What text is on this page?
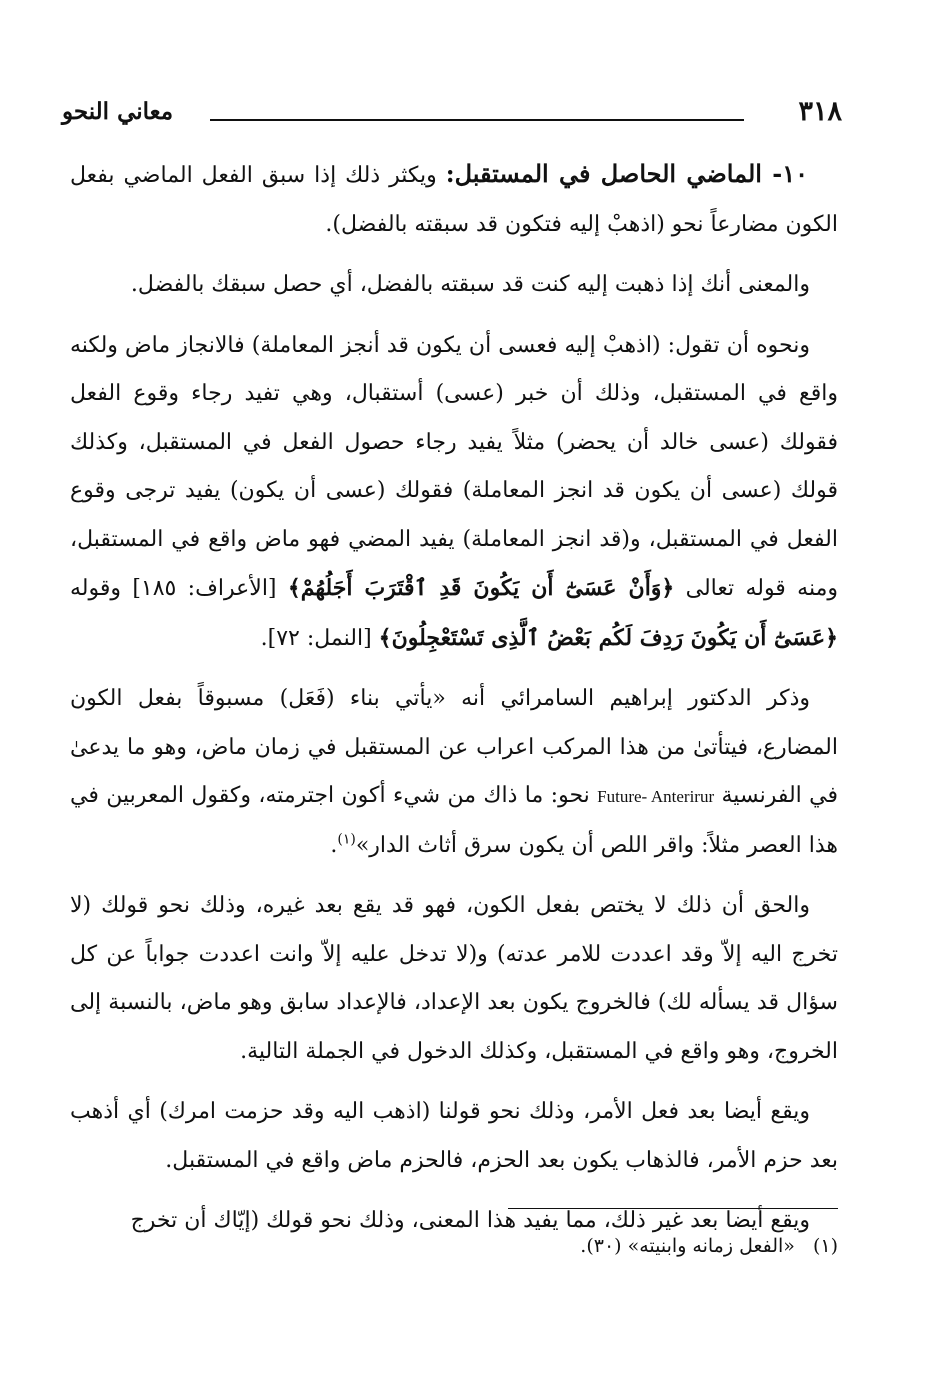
٣١٨
معاني النحو

١٠- الماضي الحاصل في المستقبل: ويكثر ذلك إذا سبق الفعل الماضي بفعل الكون مضارعاً نحو (اذهبْ إليه فتكون قد سبقته بالفضل).

والمعنى أنك إذا ذهبت إليه كنت قد سبقته بالفضل، أي حصل سبقك بالفضل.

ونحوه أن تقول: (اذهبْ إليه فعسى أن يكون قد أنجز المعاملة) فالانجاز ماض ولكنه واقع في المستقبل، وذلك أن خبر (عسى) أستقبال، وهي تفيد رجاء وقوع الفعل فقولك (عسى خالد أن يحضر) مثلاً يفيد رجاء حصول الفعل في المستقبل، وكذلك قولك (عسى أن يكون قد انجز المعاملة) فقولك (عسى أن يكون) يفيد ترجى وقوع الفعل في المستقبل، و(قد انجز المعاملة) يفيد المضي فهو ماض واقع في المستقبل، ومنه قوله تعالى ﴿وَأَنْ عَسَىٰٓ أَن يَكُونَ قَدِ ٱقْتَرَبَ أَجَلُهُمْ﴾ [الأعراف: ١٨٥] وقوله ﴿عَسَىٰٓ أَن يَكُونَ رَدِفَ لَكُم بَعْضُ ٱلَّذِى تَسْتَعْجِلُونَ﴾ [النمل: ٧٢].

وذكر الدكتور إبراهيم السامرائي أنه «يأتي بناء (فَعَل) مسبوقاً بفعل الكون المضارع، فيتأتىٰ من هذا المركب اعراب عن المستقبل في زمان ماض، وهو ما يدعىٰ في الفرنسية Future- Anterirur نحو: ما ذاك من شيء أكون اجترمته، وكقول المعربين في هذا العصر مثلاً: واقر اللص أن يكون سرق أثاث الدار»$^{(١)}$.

والحق أن ذلك لا يختص بفعل الكون، فهو قد يقع بعد غيره، وذلك نحو قولك (لا تخرج اليه إلاّ وقد اعددت للامر عدته) و(لا تدخل عليه إلاّ وانت اعددت جواباً عن كل سؤال قد يسأله لك) فالخروج يكون بعد الإعداد، فالإعداد سابق وهو ماض، بالنسبة إلى الخروج، وهو واقع في المستقبل، وكذلك الدخول في الجملة التالية.

ويقع أيضا بعد فعل الأمر، وذلك نحو قولنا (اذهب اليه وقد حزمت امرك) أي أذهب بعد حزم الأمر، فالذهاب يكون بعد الحزم، فالحزم ماض واقع في المستقبل.

ويقع أيضا بعد غير ذلك، مما يفيد هذا المعنى، وذلك نحو قولك (إيّاك أن تخرج

(١)«الفعل زمانه وابنيته» (٣٠).
